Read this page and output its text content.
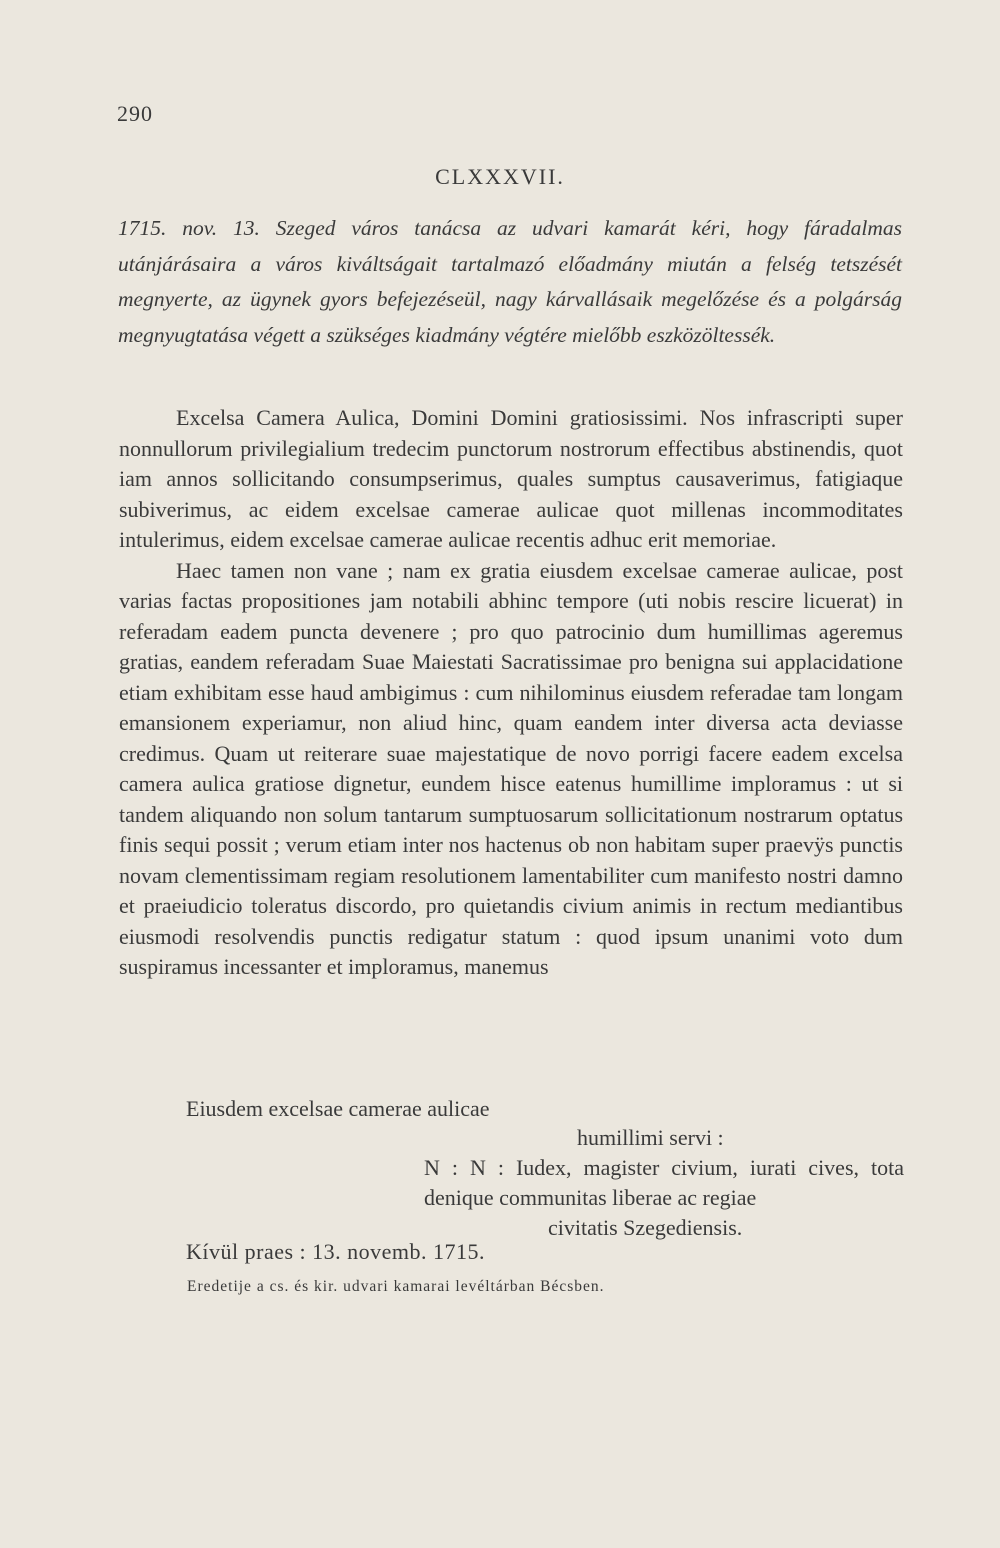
290
CLXXXVII.
1715. nov. 13. Szeged város tanácsa az udvari kamarát kéri, hogy fáradalmas utánjárásaira a város kiváltságait tartalmazó előadmány miután a felség tetszését megnyerte, az ügynek gyors befejezéseül, nagy kárvallásaik megelőzése és a polgárság megnyugtatása végett a szükséges kiadmány végtére mielőbb eszközöltessék.

Excelsa Camera Aulica, Domini Domini gratiosissimi. Nos infrascripti super nonnullorum privilegialium tredecim punctorum nostrorum effectibus abstinendis, quot iam annos sollicitando consumpserimus, quales sumptus causaverimus, fatigiaque subiverimus, ac eidem excelsae camerae aulicae quot millenas incommoditates intulerimus, eidem excelsae camerae aulicae recentis adhuc erit memoriae.

Haec tamen non vane ; nam ex gratia eiusdem excelsae camerae aulicae, post varias factas propositiones jam notabili abhinc tempore (uti nobis rescire licuerat) in referadam eadem puncta devenere ; pro quo patrocinio dum humillimas ageremus gratias, eandem referadam Suae Maiestati Sacratissimae pro benigna sui applacidatione etiam exhibitam esse haud ambigimus : cum nihilominus eiusdem referadae tam longam emansionem experiamur, non aliud hinc, quam eandem inter diversa acta deviasse credimus. Quam ut reiterare suae majestatique de novo porrigi facere eadem excelsa camera aulica gratiose dignetur, eundem hisce eatenus humillime imploramus : ut si tandem aliquando non solum tantarum sumptuosarum sollicitationum nostrarum optatus finis sequi possit ; verum etiam inter nos hactenus ob non habitam super praevÿs punctis novam clementissimam regiam resolutionem lamentabiliter cum manifesto nostri damno et praeiudicio toleratus discordo, pro quietandis civium animis in rectum mediantibus eiusmodi resolvendis punctis redigatur statum : quod ipsum unanimi voto dum suspiramus incessanter et imploramus, manemus

Eiusdem excelsae camerae aulicae
humillimi servi :
N : N : Iudex, magister civium, iurati cives, tota denique communitas liberae ac regiae
civitatis Szegediensis.
Kívül praes : 13. novemb. 1715.
Eredetije a cs. és kir. udvari kamarai levéltárban Bécsben.
